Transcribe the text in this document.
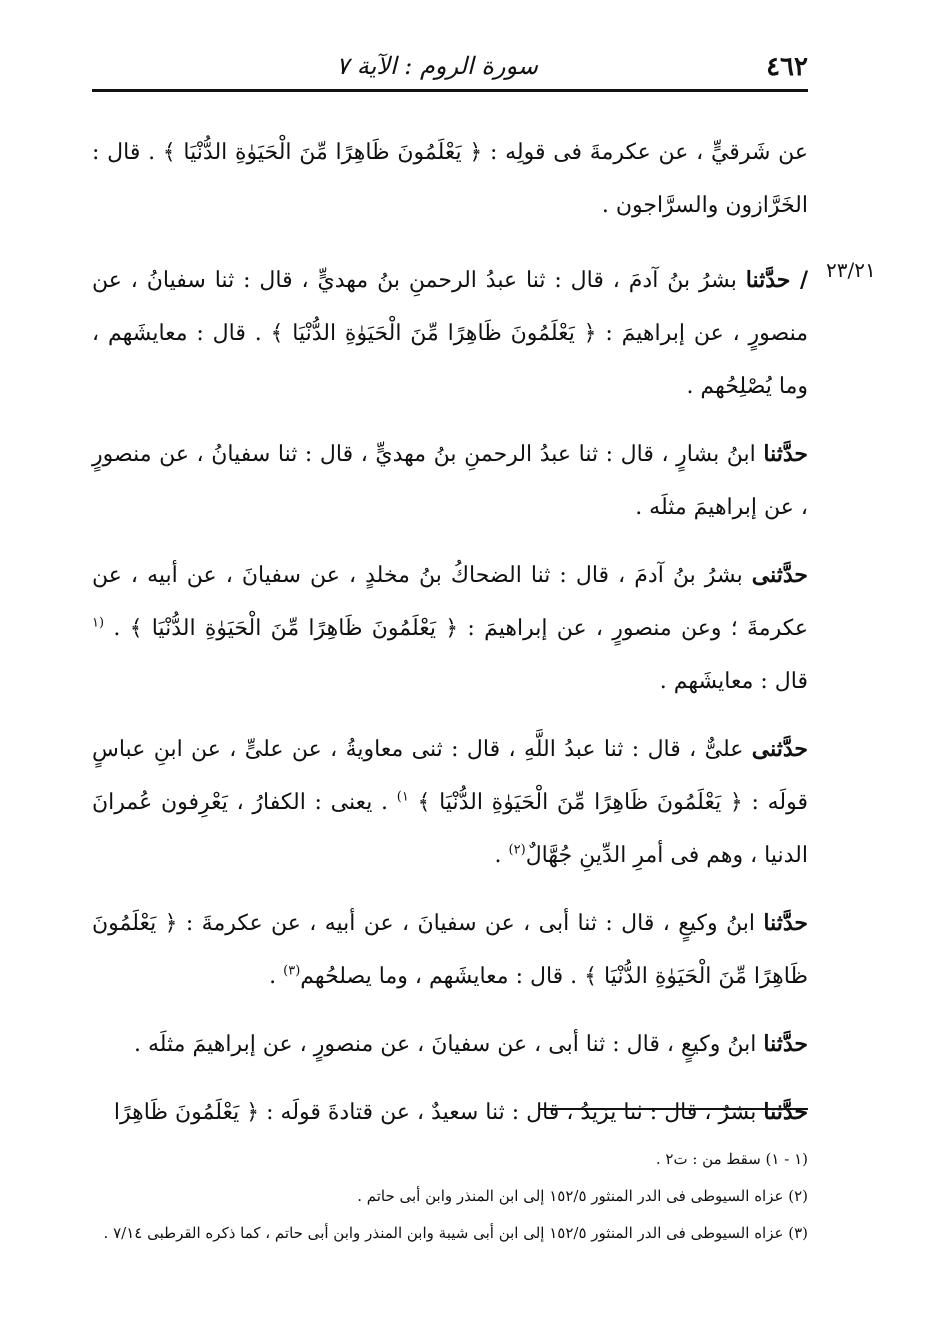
٤٦٢
سورة الروم : الآية ٧
٢٣/٢١

عن شَرقيٍّ ، عن عكرمةَ فى قولِه : ﴿ يَعْلَمُونَ ظَاهِرًا مِّنَ الْحَيَوٰةِ الدُّنْيَا ﴾ . قال : الخَرَّازون والسرَّاجون .

/ حدَّثنا بشرُ بنُ آدمَ ، قال : ثنا عبدُ الرحمنِ بنُ مهديٍّ ، قال : ثنا سفيانُ ، عن منصورٍ ، عن إبراهيمَ : ﴿ يَعْلَمُونَ ظَاهِرًا مِّنَ الْحَيَوٰةِ الدُّنْيَا ﴾ . قال : معايشَهم ، وما يُصْلِحُهم .

حدَّثنا ابنُ بشارٍ ، قال : ثنا عبدُ الرحمنِ بنُ مهديٍّ ، قال : ثنا سفيانُ ، عن منصورٍ ، عن إبراهيمَ مثلَه .

حدَّثنى بشرُ بنُ آدمَ ، قال : ثنا الضحاكُ بنُ مخلدٍ ، عن سفيانَ ، عن أبيه ، عن عكرمةَ ؛ وعن منصورٍ ، عن إبراهيمَ : ﴿ يَعْلَمُونَ ظَاهِرًا مِّنَ الْحَيَوٰةِ الدُّنْيَا ﴾ . $^{(١}$ قال : معايشَهم .

حدَّثنى علىٌّ ، قال : ثنا عبدُ اللَّهِ ، قال : ثنى معاويةُ ، عن علىٍّ ، عن ابنِ عباسٍ قولَه : ﴿ يَعْلَمُونَ ظَاهِرًا مِّنَ الْحَيَوٰةِ الدُّنْيَا ﴾ $^{١)}$ . يعنى : الكفارُ ، يَعْرِفون عُمرانَ الدنيا ، وهم فى أمرِ الدِّينِ جُهَّالٌ$^{(٢)}$ .

حدَّثنا ابنُ وكيعٍ ، قال : ثنا أبى ، عن سفيانَ ، عن أبيه ، عن عكرمةَ : ﴿ يَعْلَمُونَ ظَاهِرًا مِّنَ الْحَيَوٰةِ الدُّنْيَا ﴾ . قال : معايشَهم ، وما يصلحُهم$^{(٣)}$ .

حدَّثنا ابنُ وكيعٍ ، قال : ثنا أبى ، عن سفيانَ ، عن منصورٍ ، عن إبراهيمَ مثلَه .

حدَّثنا بشرٌ ، قال : ثنا يزيدُ ، قال : ثنا سعيدٌ ، عن قتادةَ قولَه : ﴿ يَعْلَمُونَ ظَاهِرًا

(١ - ١) سقط من : ت٢ .

(٢) عزاه السيوطى فى الدر المنثور ١٥٢/٥ إلى ابن المنذر وابن أبى حاتم .

(٣) عزاه السيوطى فى الدر المنثور ١٥٢/٥ إلى ابن أبى شيبة وابن المنذر وابن أبى حاتم ، كما ذكره القرطبى ٧/١٤ .
